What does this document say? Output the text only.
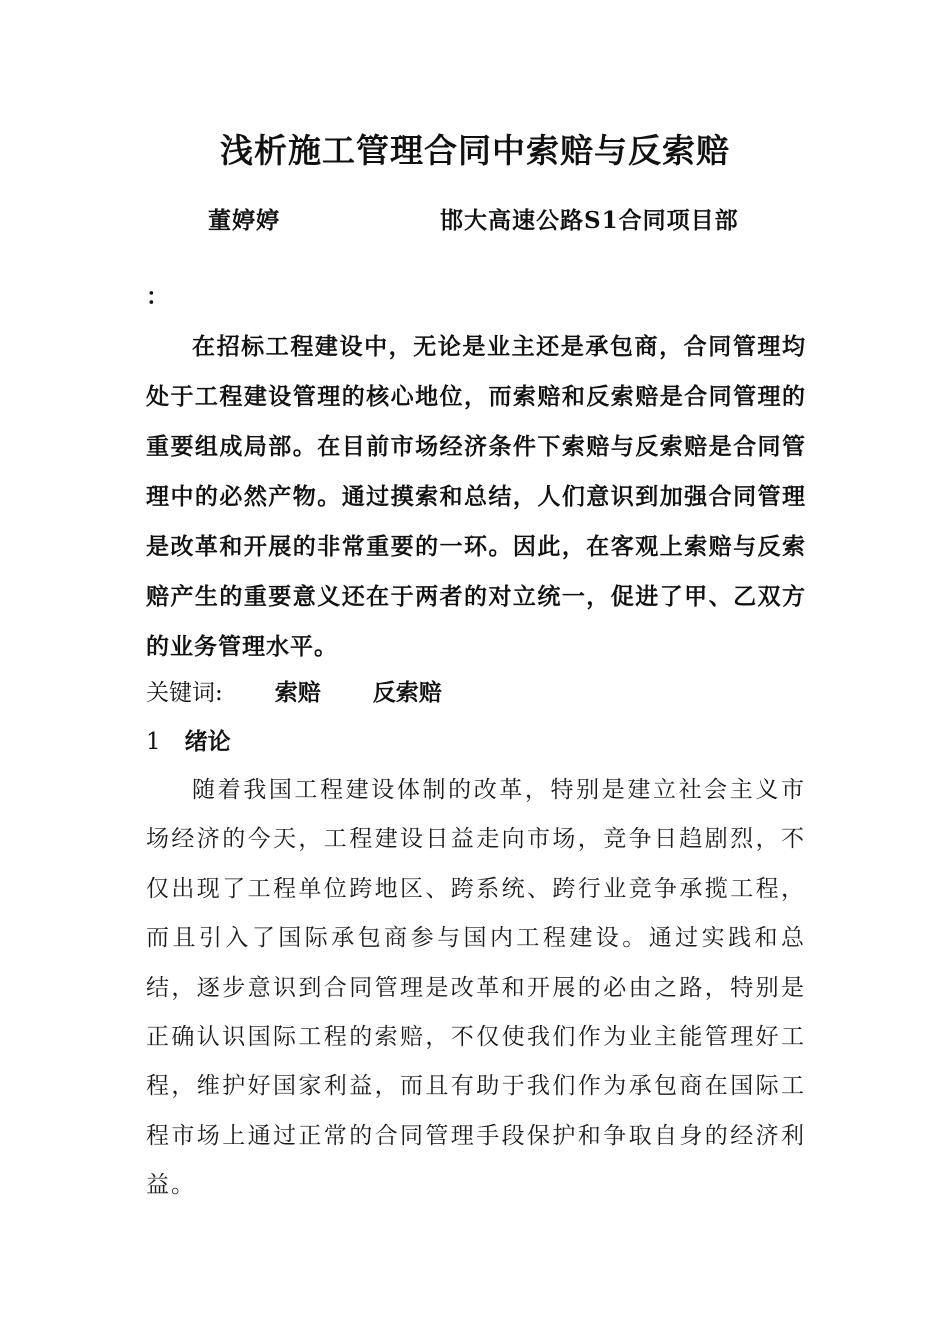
浅析施工管理合同中索赔与反索赔
董婷婷	邯大高速公路S1合同项目部
：

在招标工程建设中，无论是业主还是承包商，合同管理均处于工程建设管理的核心地位，而索赔和反索赔是合同管理的重要组成局部。在目前市场经济条件下索赔与反索赔是合同管理中的必然产物。通过摸索和总结，人们意识到加强合同管理是改革和开展的非常重要的一环。因此，在客观上索赔与反索赔产生的重要意义还在于两者的对立统一，促进了甲、乙双方的业务管理水平。

关键词: 索赔 反索赔
1 绪论

随着我国工程建设体制的改革，特别是建立社会主义市场经济的今天，工程建设日益走向市场，竞争日趋剧烈，不仅出现了工程单位跨地区、跨系统、跨行业竞争承揽工程，而且引入了国际承包商参与国内工程建设。通过实践和总结，逐步意识到合同管理是改革和开展的必由之路，特别是正确认识国际工程的索赔，不仅使我们作为业主能管理好工程，维护好国家利益，而且有助于我们作为承包商在国际工程市场上通过正常的合同管理手段保护和争取自身的经济利益。
